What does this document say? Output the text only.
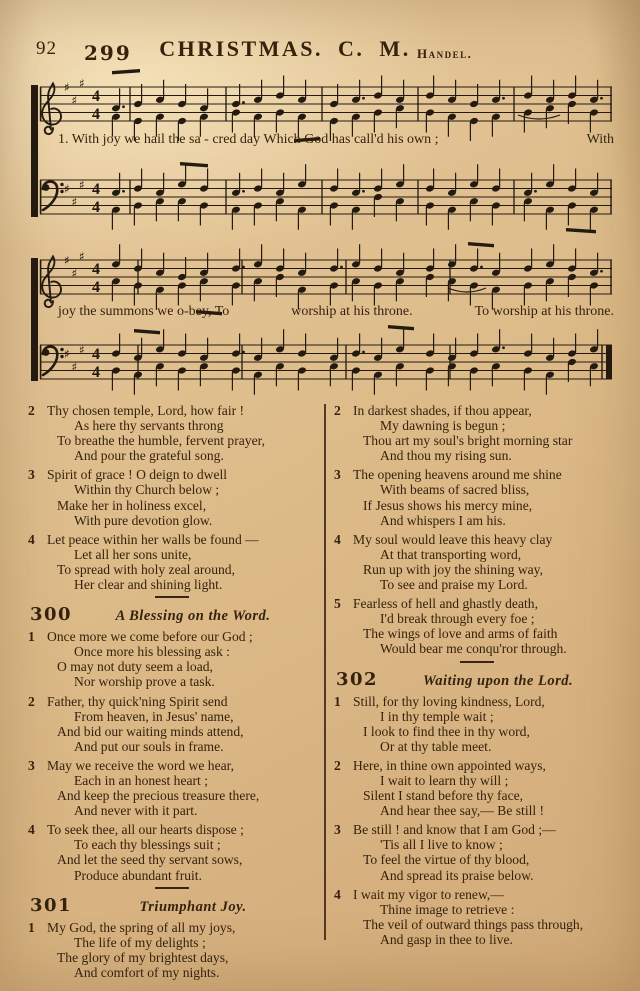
92 299	CHRISTMAS. C. M. Handel.
♯
♯
♯
4
4
♯
♯
♯ 4
4
♯
♯
♯
4
4
♯
♯
♯ 4
4
1. With joy we hail the sa - cred day Which God has call'd his own ;	With
joy the summons we o-bey, To	worship at his throne.	To worship at his throne.
2 Thy chosen temple, Lord, how fair !
As here thy servants throng
To breathe the humble, fervent prayer,
And pour the grateful song.
3 Spirit of grace ! O deign to dwell
Within thy Church below ;
Make her in holiness excel,
With pure devotion glow.
4 Let peace within her walls be found —
Let all her sons unite,
To spread with holy zeal around,
Her clear and shining light.
300	A Blessing on the Word.
1 Once more we come before our God ;
Once more his blessing ask :
O may not duty seem a load,
Nor worship prove a task.
2 Father, thy quick'ning Spirit send
From heaven, in Jesus' name,
And bid our waiting minds attend,
And put our souls in frame.
3 May we receive the word we hear,
Each in an honest heart ;
And keep the precious treasure there,
And never with it part.
4 To seek thee, all our hearts dispose ;
To each thy blessings suit ;
And let the seed thy servant sows,
Produce abundant fruit.
301	Triumphant Joy.
1 My God, the spring of all my joys,
The life of my delights ;
The glory of my brightest days,
And comfort of my nights.
2 In darkest shades, if thou appear,
My dawning is begun ;
Thou art my soul's bright morning star
And thou my rising sun.
3 The opening heavens around me shine
With beams of sacred bliss,
If Jesus shows his mercy mine,
And whispers I am his.
4 My soul would leave this heavy clay
At that transporting word,
Run up with joy the shining way,
To see and praise my Lord.
5 Fearless of hell and ghastly death,
I'd break through every foe ;
The wings of love and arms of faith
Would bear me conqu'ror through.
302	Waiting upon the Lord.
1 Still, for thy loving kindness, Lord,
I in thy temple wait ;
I look to find thee in thy word,
Or at thy table meet.
2 Here, in thine own appointed ways,
I wait to learn thy will ;
Silent I stand before thy face,
And hear thee say,— Be still !
3 Be still ! and know that I am God ;—
'Tis all I live to know ;
To feel the virtue of thy blood,
And spread its praise below.
4 I wait my vigor to renew,—
Thine image to retrieve :
The veil of outward things pass through,
And gasp in thee to live.
